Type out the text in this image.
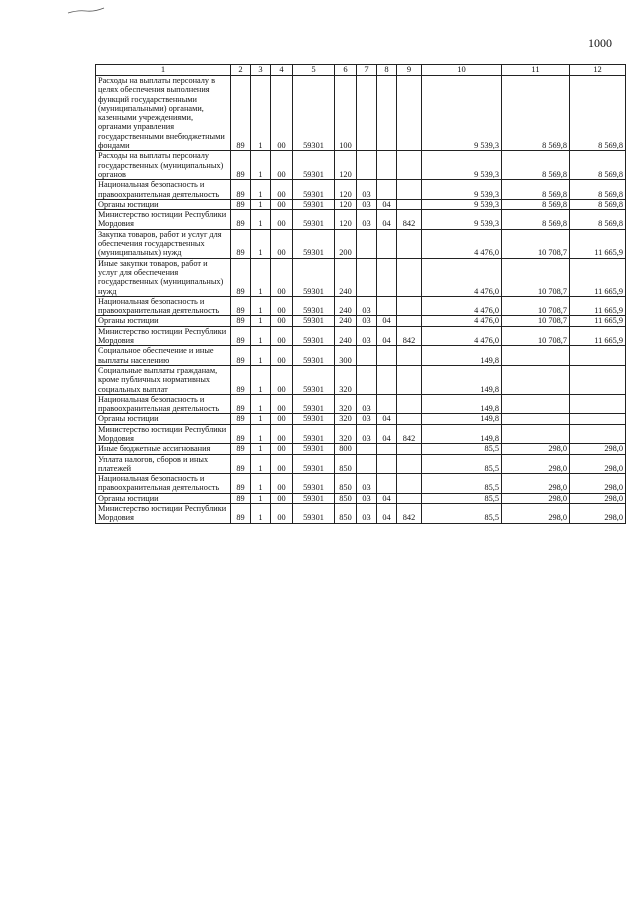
1000
1	2	3	4	5	6	7	8	9	10	11	12
Расходы на выплаты персоналу в целях обеспечения выполнения функций государственными (муниципальными) органами, казенными учреждениями, органами управления государственными внебюджетными фондами	89	1	00	59301	100				9 539,3	8 569,8	8 569,8
Расходы на выплаты персоналу государственных (муниципальных) органов	89	1	00	59301	120				9 539,3	8 569,8	8 569,8
Национальная безопасность и правоохранительная деятельность	89	1	00	59301	120	03			9 539,3	8 569,8	8 569,8
Органы юстиции	89	1	00	59301	120	03	04		9 539,3	8 569,8	8 569,8
Министерство юстиции Республики Мордовия	89	1	00	59301	120	03	04	842	9 539,3	8 569,8	8 569,8
Закупка товаров, работ и услуг для обеспечения государственных (муниципальных) нужд	89	1	00	59301	200				4 476,0	10 708,7	11 665,9
Иные закупки товаров, работ и услуг для обеспечения государственных (муниципальных) нужд	89	1	00	59301	240				4 476,0	10 708,7	11 665,9
Национальная безопасность и правоохранительная деятельность	89	1	00	59301	240	03			4 476,0	10 708,7	11 665,9
Органы юстиции	89	1	00	59301	240	03	04		4 476,0	10 708,7	11 665,9
Министерство юстиции Республики Мордовия	89	1	00	59301	240	03	04	842	4 476,0	10 708,7	11 665,9
Социальное обеспечение и иные выплаты населению	89	1	00	59301	300				149,8		
Социальные выплаты гражданам, кроме публичных нормативных социальных выплат	89	1	00	59301	320				149,8		
Национальная безопасность и правоохранительная деятельность	89	1	00	59301	320	03			149,8		
Органы юстиции	89	1	00	59301	320	03	04		149,8		
Министерство юстиции Республики Мордовия	89	1	00	59301	320	03	04	842	149,8		
Иные бюджетные ассигнования	89	1	00	59301	800				85,5	298,0	298,0
Уплата налогов, сборов и иных платежей	89	1	00	59301	850				85,5	298,0	298,0
Национальная безопасность и правоохранительная деятельность	89	1	00	59301	850	03			85,5	298,0	298,0
Органы юстиции	89	1	00	59301	850	03	04		85,5	298,0	298,0
Министерство юстиции Республики Мордовия	89	1	00	59301	850	03	04	842	85,5	298,0	298,0
